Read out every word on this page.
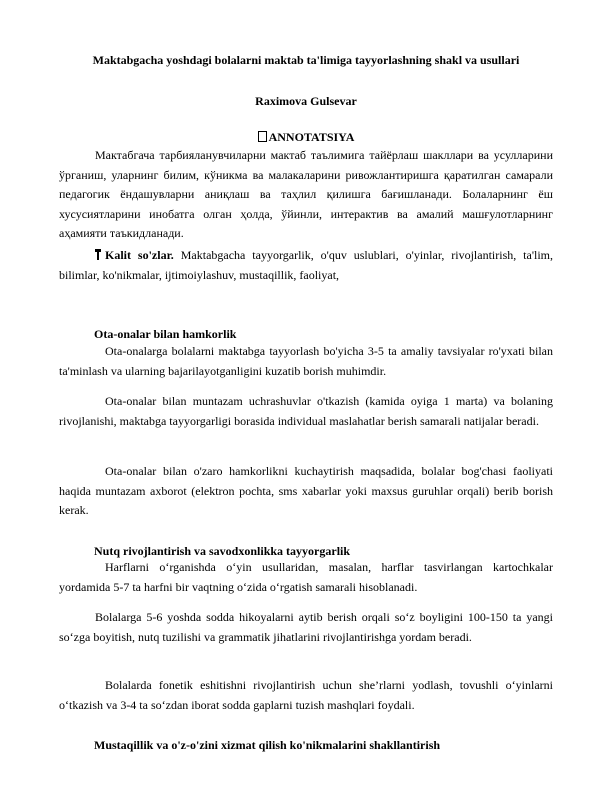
Maktabgacha yoshdagi bolalarni maktab ta'limiga tayyorlashning shakl va usullari
Raximova Gulsevar
ANNOTATSIYA

Мактабгача тарбияланувчиларни мактаб таълимига тайёрлаш шакллари ва усулларини ўрганиш, уларнинг билим, кўникма ва малакаларини ривожлантиришга қаратилган самарали педагогик ёндашувларни аниқлаш ва таҳлил қилишга бағишланади. Болаларнинг ёш хусусиятларини инобатга олган ҳолда, ўйинли, интерактив ва амалий машғулотларнинг аҳамияти таъкидланади.

Kalit so'zlar. Maktabgacha tayyorgarlik, o'quv uslublari, o'yinlar, rivojlantirish, ta'lim, bilimlar, ko'nikmalar, ijtimoiylashuv, mustaqillik, faoliyat,

Ota-onalar bilan hamkorlik

Ota-onalarga bolalarni maktabga tayyorlash bo'yicha 3-5 ta amaliy tavsiyalar ro'yxati bilan ta'minlash va ularning bajarilayotganligini kuzatib borish muhimdir.

Ota-onalar bilan muntazam uchrashuvlar o'tkazish (kamida oyiga 1 marta) va bolaning rivojlanishi, maktabga tayyorgarligi borasida individual maslahatlar berish samarali natijalar beradi.

Ota-onalar bilan o'zaro hamkorlikni kuchaytirish maqsadida, bolalar bog'chasi faoliyati haqida muntazam axborot (elektron pochta, sms xabarlar yoki maxsus guruhlar orqali) berib borish kerak.

Nutq rivojlantirish va savodxonlikka tayyorgarlik

Harflarni o‘rganishda o‘yin usullaridan, masalan, harflar tasvirlangan kartochkalar yordamida 5-7 ta harfni bir vaqtning o‘zida o‘rgatish samarali hisoblanadi.

Bolalarga 5-6 yoshda sodda hikoyalarni aytib berish orqali so‘z boyligini 100-150 ta yangi so‘zga boyitish, nutq tuzilishi va grammatik jihatlarini rivojlantirishga yordam beradi.

Bolalarda fonetik eshitishni rivojlantirish uchun she’rlarni yodlash, tovushli o‘yinlarni o‘tkazish va 3-4 ta so‘zdan iborat sodda gaplarni tuzish mashqlari foydali.

Mustaqillik va o'z-o'zini xizmat qilish ko'nikmalarini shakllantirish
